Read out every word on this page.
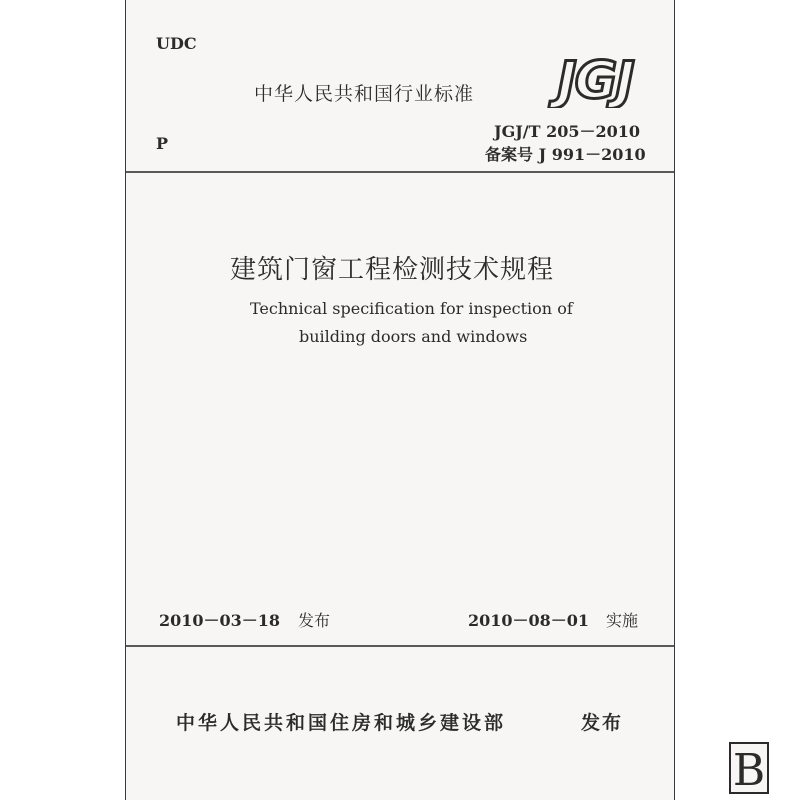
UDC
中华人民共和国行业标准 JGJ
JGJ/T 205－2010
P
备案号 J 991－2010
建筑门窗工程检测技术规程
Technical specification for inspection of
building doors and windows
2010－03－18 发布	2010－08－01 实施
中华人民共和国住房和城乡建设部	发布
B
